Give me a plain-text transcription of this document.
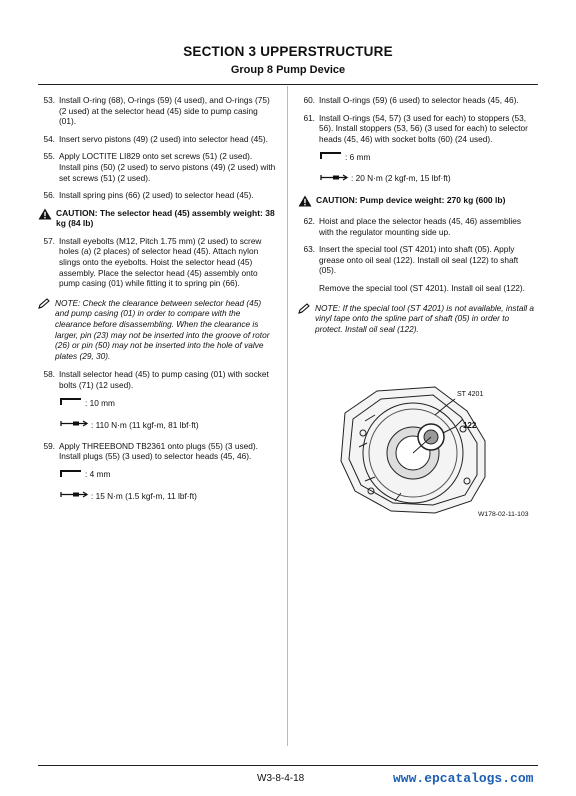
SECTION 3 UPPERSTRUCTURE
Group 8 Pump Device
53. Install O-ring (68), O-rings (59) (4 used), and O-rings (75) (2 used) at the selector head (45) side to pump casing (01).
54. Insert servo pistons (49) (2 used) into selector head (45).
55. Apply LOCTITE LI829 onto set screws (51) (2 used). Install pins (50) (2 used) to servo pistons (49) (2 used) with set screws (51) (2 used).
56. Install spring pins (66) (2 used) to selector head (45).
CAUTION: The selector head (45) assembly weight: 38 kg (84 lb)
57. Install eyebolts (M12, Pitch 1.75 mm) (2 used) to screw holes (a) (2 places) of selector head (45). Attach nylon slings onto the eyebolts. Hoist the selector head (45) assembly. Place the selector head (45) assembly onto pump casing (01) while fitting it to spring pin (66).
NOTE: Check the clearance between selector head (45) and pump casing (01) in order to compare with the clearance before disassembling. When the clearance is larger, pin (23) may not be inserted into the groove of rotor (26) or pin (50) may not be inserted into the hole of valve plates (29, 30).
58. Install selector head (45) to pump casing (01) with socket bolts (71) (12 used).
: 10 mm
: 110 N·m (11 kgf-m, 81 lbf·ft)
59. Apply THREEBOND TB2361 onto plugs (55) (3 used). Install plugs (55) (3 used) to selector heads (45, 46).
: 4 mm
: 15 N·m (1.5 kgf-m, 11 lbf·ft)
60. Install O-rings (59) (6 used) to selector heads (45, 46).
61. Install O-rings (54, 57) (3 used for each) to stoppers (53, 56). Install stoppers (53, 56) (3 used for each) to selector heads (45, 46) with socket bolts (60) (24 used).
: 6 mm
: 20 N·m (2 kgf-m, 15 lbf·ft)
CAUTION: Pump device weight: 270 kg (600 lb)
62. Hoist and place the selector heads (45, 46) assemblies with the regulator mounting side up.
63. Insert the special tool (ST 4201) into shaft (05). Apply grease onto oil seal (122). Install oil seal (122) to shaft (05).
Remove the special tool (ST 4201). Install oil seal (122).
NOTE: If the special tool (ST 4201) is not available, install a vinyl tape onto the spline part of shaft (05) in order to protect. Install oil seal (122).
ST 4201
122
W178-02-11-103
W3-8-4-18	www.epcatalogs.com
